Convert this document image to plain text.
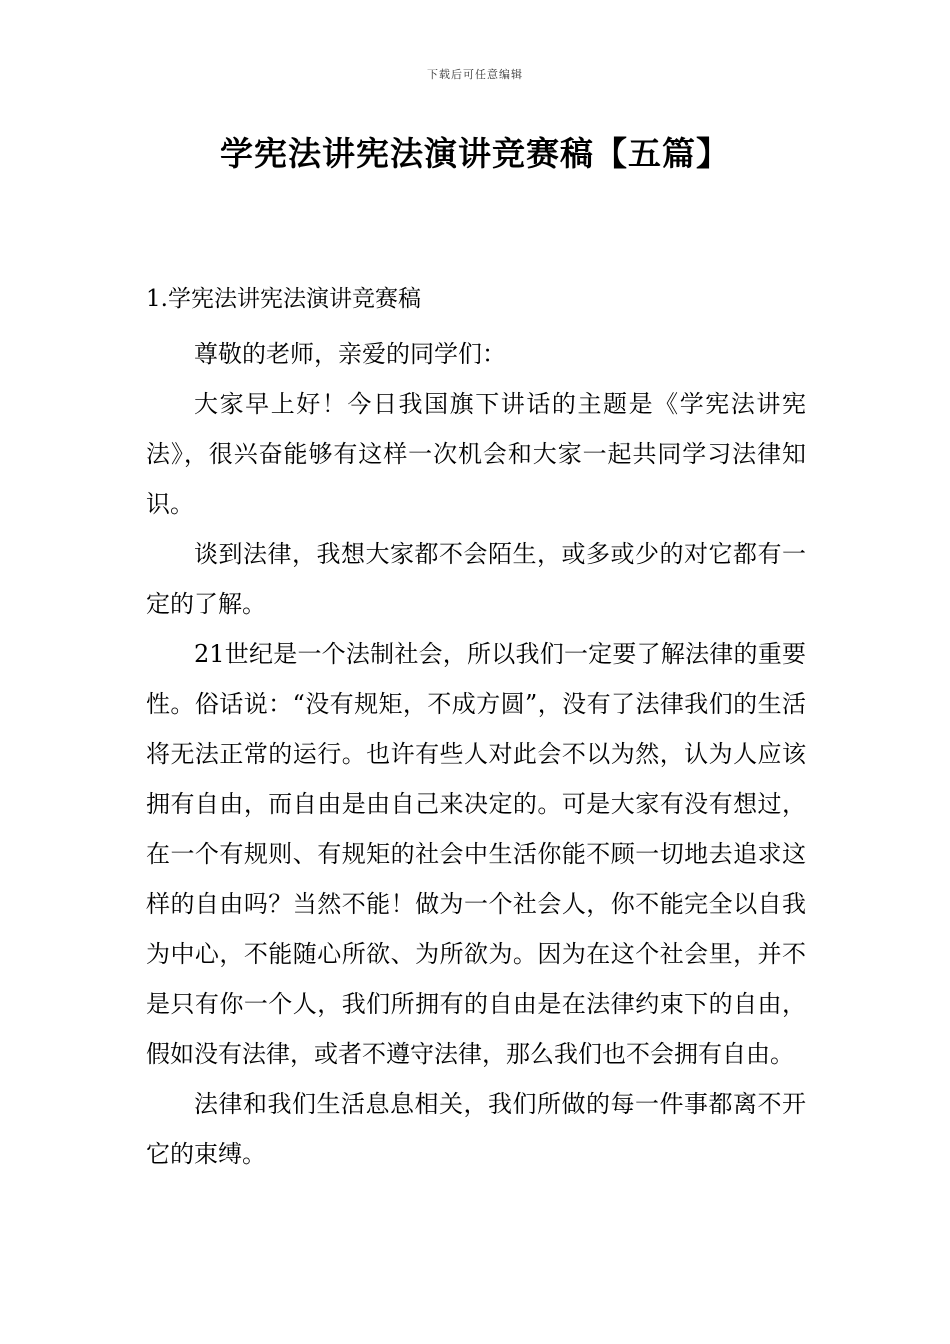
下载后可任意编辑
学宪法讲宪法演讲竞赛稿【五篇】

1.学宪法讲宪法演讲竞赛稿

尊敬的老师，亲爱的同学们：

大家早上好！今日我国旗下讲话的主题是《学宪法讲宪法》，很兴奋能够有这样一次机会和大家一起共同学习法律知识。

谈到法律，我想大家都不会陌生，或多或少的对它都有一定的了解。

21世纪是一个法制社会，所以我们一定要了解法律的重要性。俗话说：“没有规矩，不成方圆”，没有了法律我们的生活将无法正常的运行。也许有些人对此会不以为然，认为人应该拥有自由，而自由是由自己来决定的。可是大家有没有想过，在一个有规则、有规矩的社会中生活你能不顾一切地去追求这样的自由吗？当然不能！做为一个社会人，你不能完全以自我为中心，不能随心所欲、为所欲为。因为在这个社会里，并不是只有你一个人，我们所拥有的自由是在法律约束下的自由，假如没有法律，或者不遵守法律，那么我们也不会拥有自由。

法律和我们生活息息相关，我们所做的每一件事都离不开它的束缚。
